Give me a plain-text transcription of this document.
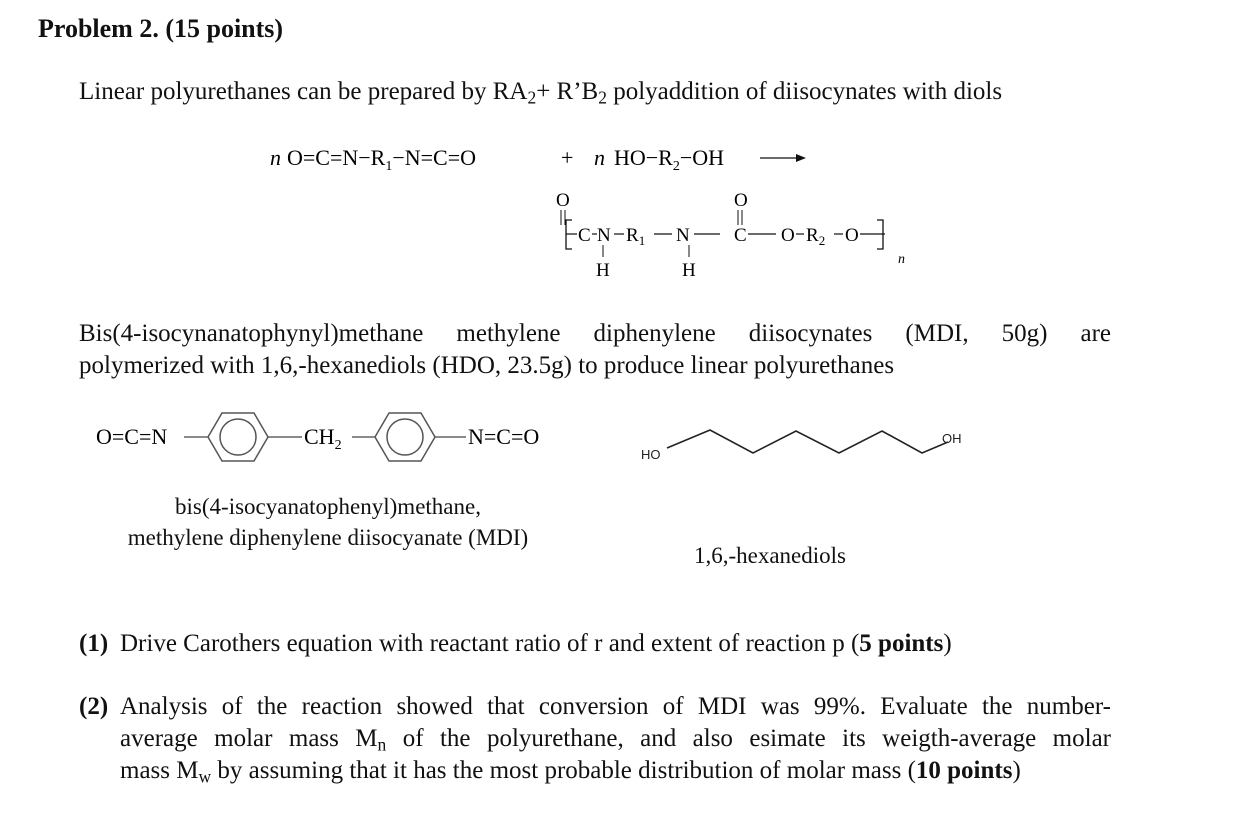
Problem 2. (15 points)
Linear polyurethanes can be prepared by $RA_2+$ $R’B_2$ polyaddition of diisocynates with diols
n $O=C=N-R_1-N=C=O$	+ n $HO-R_2-OH$
O
C N
H
$R_1$ N
H
O
C O $R_2$ O
n
Bis(4-isocynanatophynyl)methane methylene diphenylene diisocynates (MDI, 50g) are
polymerized with 1,6,-hexanediols (HDO, 23.5g) to produce linear polyurethanes
O=C=N	$CH_2$	N=C=O
bis(4-isocyanatophenyl)methane,
methylene diphenylene diisocyanate (MDI)
HO
OH
1,6,-hexanediols
(1) Drive Carothers equation with reactant ratio of r and extent of reaction p (5 points)
(2) Analysis of the reaction showed that conversion of MDI was 99%. Evaluate the number-
average molar mass $M_n$ of the polyurethane, and also esimate its weigth-average molar
mass $M_w$ by assuming that it has the most probable distribution of molar mass (10 points)
